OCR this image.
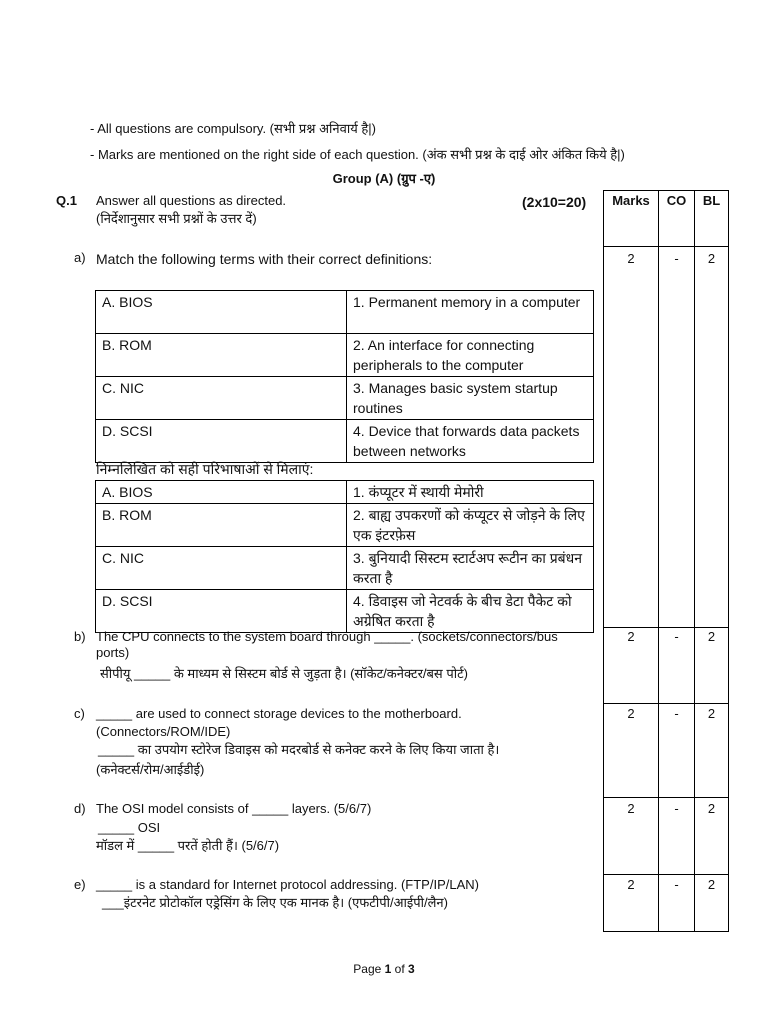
- All questions are compulsory. (सभी प्रश्न अनिवार्य है|)
- Marks are mentioned on the right side of each question. (अंक सभी प्रश्न के दाई ओर अंकित किये है|)
Group (A) (ग्रुप -ए)
Q.1 Answer all questions as directed.
(निर्देशानुसार सभी प्रश्नों के उत्तर दें)
(2x10=20)	Marks	CO	BL
2	-	2
2	-	2
2	-	2
2	-	2
2	-	2
a) Match the following terms with their correct definitions:
A. BIOS	1. Permanent memory in a computer
B. ROM	2. An interface for connecting peripherals to the computer
C. NIC	3. Manages basic system startup routines
D. SCSI	4. Device that forwards data packets between networks
निम्नलिखित को सही परिभाषाओं से मिलाएं:
A. BIOS	1. कंप्यूटर में स्थायी मेमोरी
B. ROM	2. बाह्य उपकरणों को कंप्यूटर से जोड़ने के लिए एक इंटरफ़ेस
C. NIC	3. बुनियादी सिस्टम स्टार्टअप रूटीन का प्रबंधन करता है
D. SCSI	4. डिवाइस जो नेटवर्क के बीच डेटा पैकेट को अग्रेषित करता है
b) The CPU connects to the system board through _____. (sockets/connectors/bus ports)
सीपीयू _____ के माध्यम से सिस्टम बोर्ड से जुड़ता है। (सॉकेट/कनेक्टर/बस पोर्ट)
c) _____ are used to connect storage devices to the motherboard.
(Connectors/ROM/IDE)
_____ का उपयोग स्टोरेज डिवाइस को मदरबोर्ड से कनेक्ट करने के लिए किया जाता है।
(कनेक्टर्स/रोम/आईडीई)
d) The OSI model consists of _____ layers. (5/6/7)
_____ OSI
मॉडल में _____ परतें होती हैं। (5/6/7)
e) _____ is a standard for Internet protocol addressing. (FTP/IP/LAN)
___इंटरनेट प्रोटोकॉल एड्रेसिंग के लिए एक मानक है। (एफटीपी/आईपी/लैन)
Page 1 of 3
